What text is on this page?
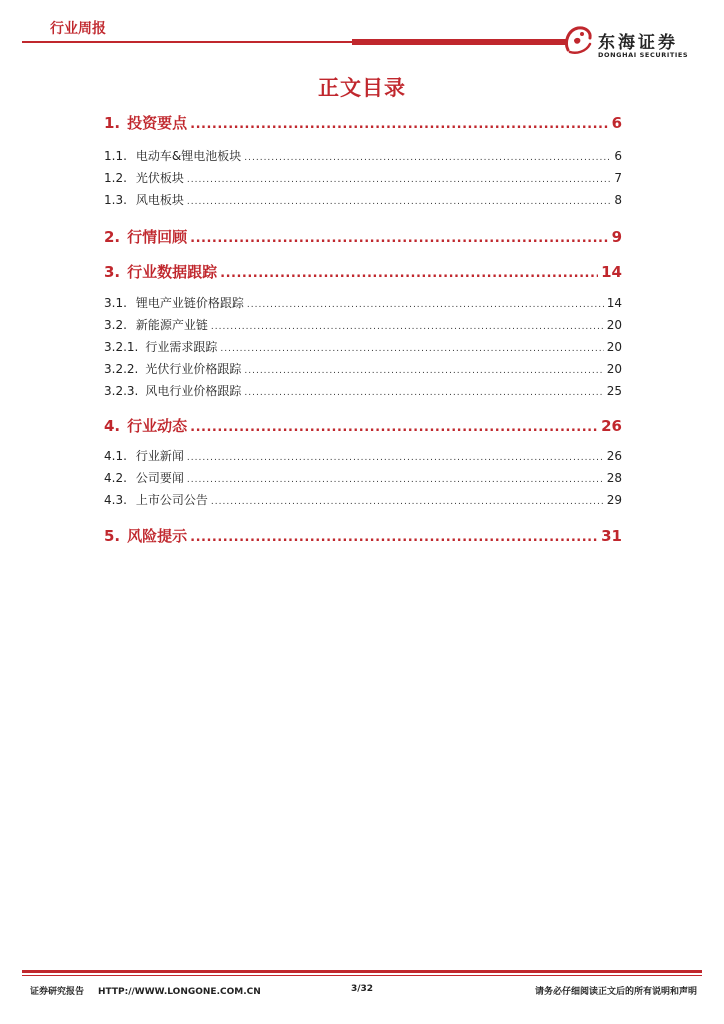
行业周报
东海证券
DONGHAI SECURITIES
正文目录
1. 投资要点 .....	6
1.1. 电动车&锂电池板块 .....	6
1.2. 光伏板块 .....	7
1.3. 风电板块 .....	8
2. 行情回顾 .....	9
3. 行业数据跟踪 .....	14
3.1. 锂电产业链价格跟踪 .....	14
3.2. 新能源产业链 .....	20
3.2.1. 行业需求跟踪 .....	20
3.2.2. 光伏行业价格跟踪 .....	20
3.2.3. 风电行业价格跟踪 .....	25
4. 行业动态 .....	26
4.1. 行业新闻 .....	26
4.2. 公司要闻 .....	28
4.3. 上市公司公告 .....	29
5. 风险提示 .....	31
证券研究报告 HTTP://WWW.LONGONE.COM.CN	3/32	请务必仔细阅读正文后的所有说明和声明
